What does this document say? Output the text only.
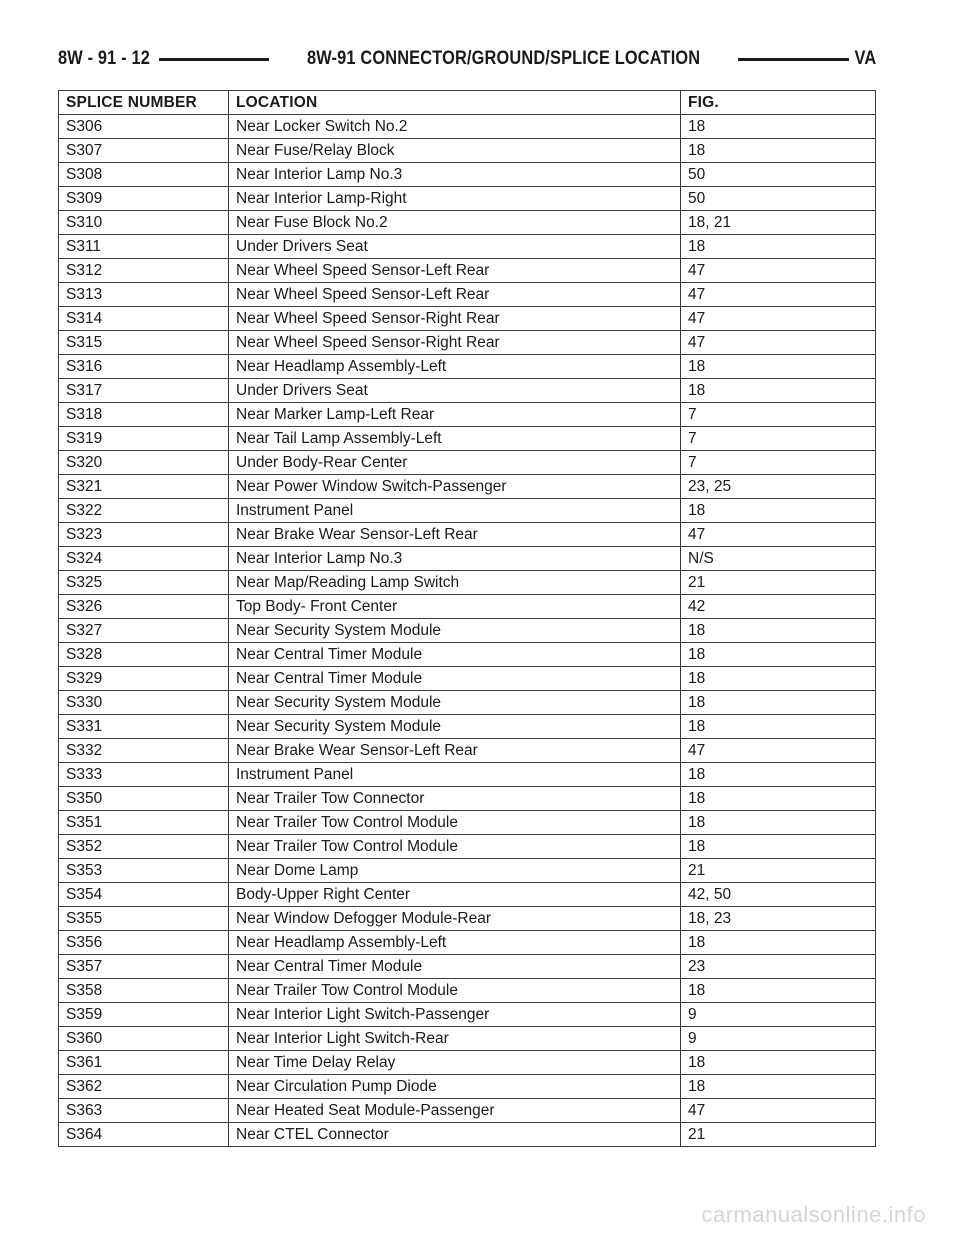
8W - 91 - 12	8W-91 CONNECTOR/GROUND/SPLICE LOCATION	VA
SPLICE NUMBER	LOCATION	FIG.
S306	Near Locker Switch No.2	18
S307	Near Fuse/Relay Block	18
S308	Near Interior Lamp No.3	50
S309	Near Interior Lamp-Right	50
S310	Near Fuse Block No.2	18, 21
S311	Under Drivers Seat	18
S312	Near Wheel Speed Sensor-Left Rear	47
S313	Near Wheel Speed Sensor-Left Rear	47
S314	Near Wheel Speed Sensor-Right Rear	47
S315	Near Wheel Speed Sensor-Right Rear	47
S316	Near Headlamp Assembly-Left	18
S317	Under Drivers Seat	18
S318	Near Marker Lamp-Left Rear	7
S319	Near Tail Lamp Assembly-Left	7
S320	Under Body-Rear Center	7
S321	Near Power Window Switch-Passenger	23, 25
S322	Instrument Panel	18
S323	Near Brake Wear Sensor-Left Rear	47
S324	Near Interior Lamp No.3	N/S
S325	Near Map/Reading Lamp Switch	21
S326	Top Body- Front Center	42
S327	Near Security System Module	18
S328	Near Central Timer Module	18
S329	Near Central Timer Module	18
S330	Near Security System Module	18
S331	Near Security System Module	18
S332	Near Brake Wear Sensor-Left Rear	47
S333	Instrument Panel	18
S350	Near Trailer Tow Connector	18
S351	Near Trailer Tow Control Module	18
S352	Near Trailer Tow Control Module	18
S353	Near Dome Lamp	21
S354	Body-Upper Right Center	42, 50
S355	Near Window Defogger Module-Rear	18, 23
S356	Near Headlamp Assembly-Left	18
S357	Near Central Timer Module	23
S358	Near Trailer Tow Control Module	18
S359	Near Interior Light Switch-Passenger	9
S360	Near Interior Light Switch-Rear	9
S361	Near Time Delay Relay	18
S362	Near Circulation Pump Diode	18
S363	Near Heated Seat Module-Passenger	47
S364	Near CTEL Connector	21
carmanualsonline.info
